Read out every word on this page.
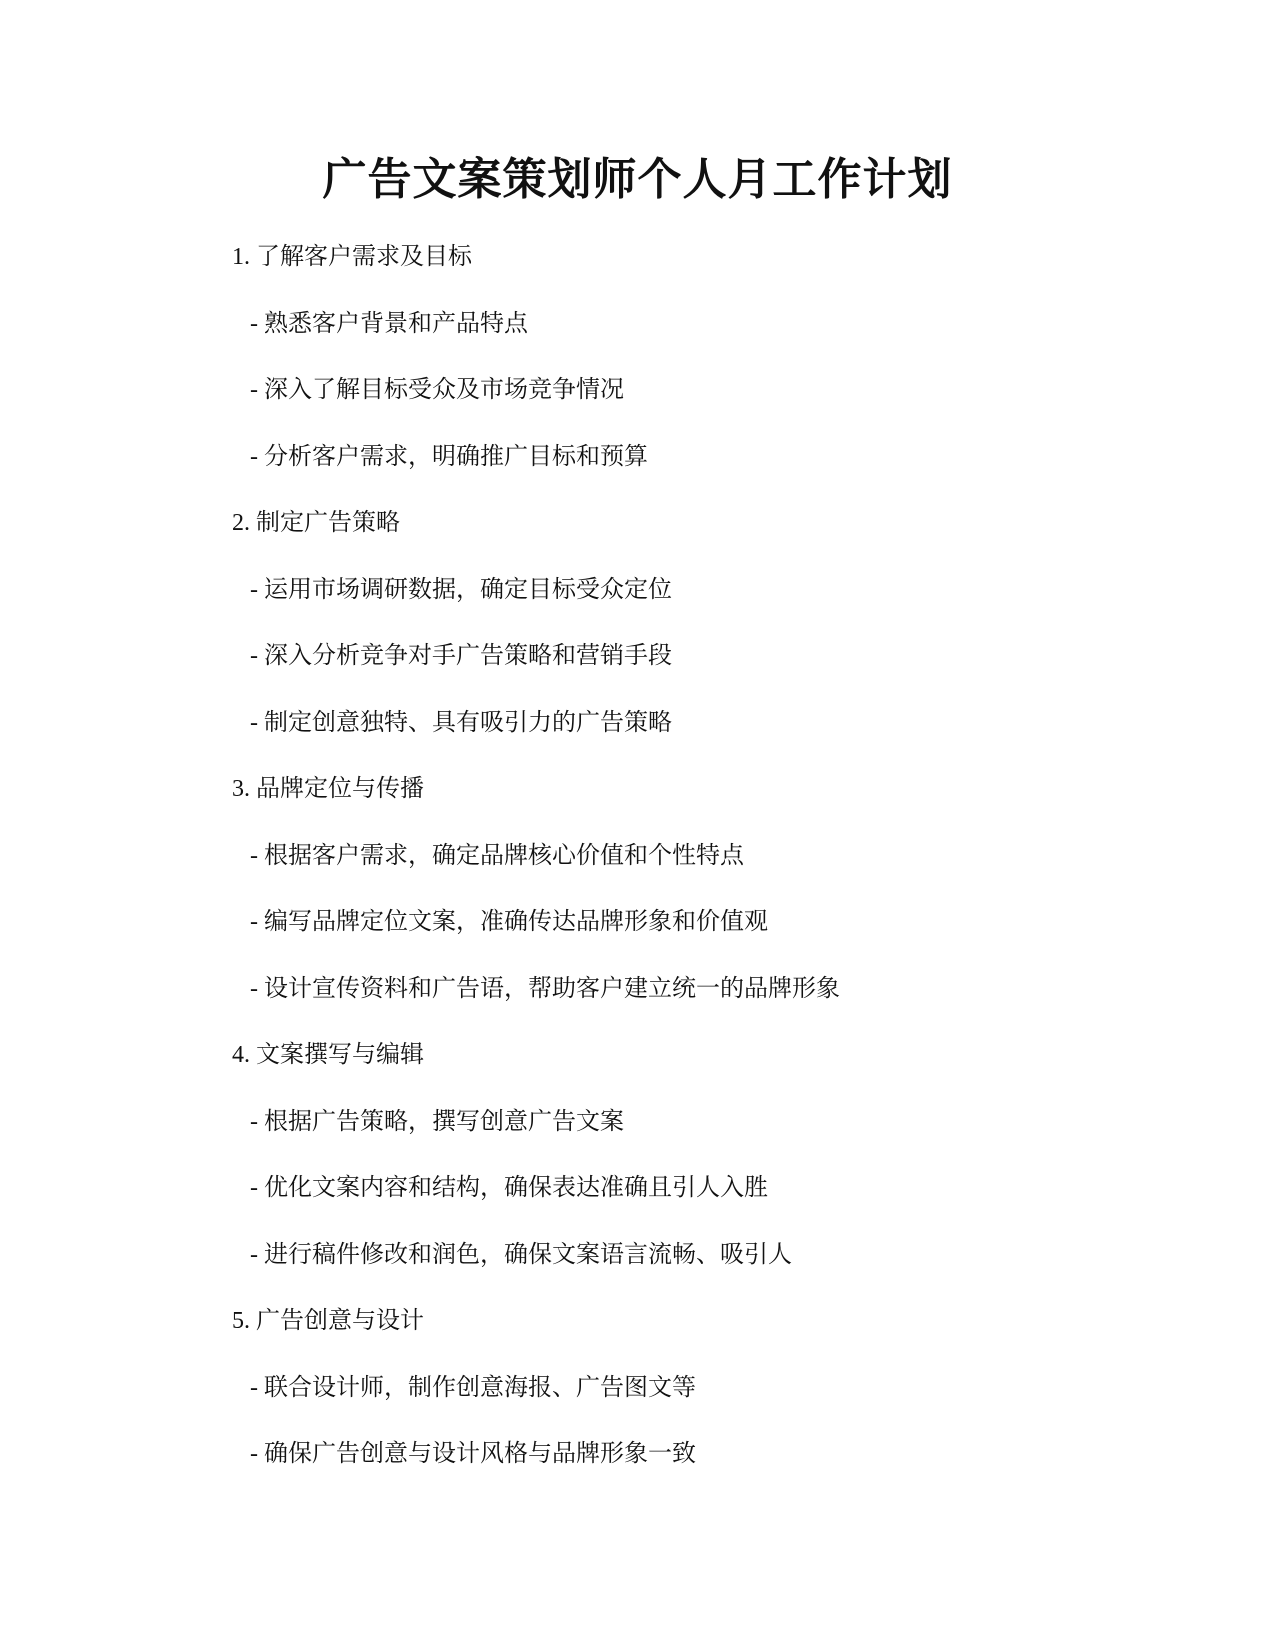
广告文案策划师个人月工作计划
1. 了解客户需求及目标
- 熟悉客户背景和产品特点
- 深入了解目标受众及市场竞争情况
- 分析客户需求，明确推广目标和预算
2. 制定广告策略
- 运用市场调研数据，确定目标受众定位
- 深入分析竞争对手广告策略和营销手段
- 制定创意独特、具有吸引力的广告策略
3. 品牌定位与传播
- 根据客户需求，确定品牌核心价值和个性特点
- 编写品牌定位文案，准确传达品牌形象和价值观
- 设计宣传资料和广告语，帮助客户建立统一的品牌形象
4. 文案撰写与编辑
- 根据广告策略，撰写创意广告文案
- 优化文案内容和结构，确保表达准确且引人入胜
- 进行稿件修改和润色，确保文案语言流畅、吸引人
5. 广告创意与设计
- 联合设计师，制作创意海报、广告图文等
- 确保广告创意与设计风格与品牌形象一致
